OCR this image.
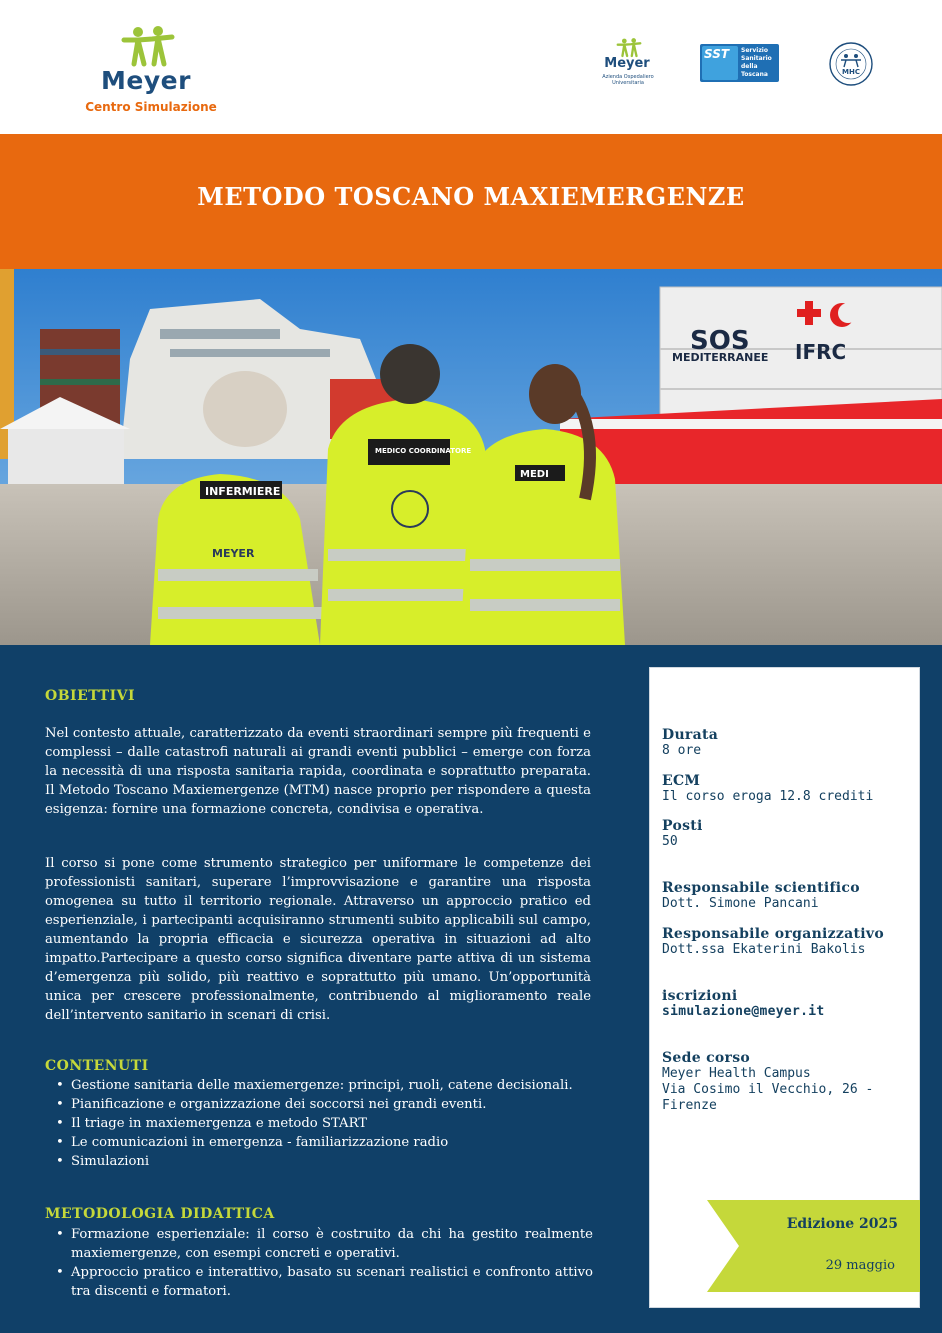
Meyer
Centro Simulazione
Meyer
Azienda Ospedaliero Universitaria
SST Servizio Sanitario della Toscana	MHC
METODO TOSCANO MAXIEMERGENZE
SOS
MEDITERRANEE IFRC
INFERMIERE
MEYER
MEDICO COORDINATORE
MEDI
OBIETTIVI

Nel contesto attuale, caratterizzato da eventi straordinari sempre più frequenti e complessi – dalle catastrofi naturali ai grandi eventi pubblici – emerge con forza la necessità di una risposta sanitaria rapida, coordinata e soprattutto preparata. Il Metodo Toscano Maxiemergenze (MTM) nasce proprio per rispondere a questa esigenza: fornire una formazione concreta, condivisa e operativa.

Il corso si pone come strumento strategico per uniformare le competenze dei professionisti sanitari, superare l’improvvisazione e garantire una risposta omogenea su tutto il territorio regionale. Attraverso un approccio pratico ed esperienziale, i partecipanti acquisiranno strumenti subito applicabili sul campo, aumentando la propria efficacia e sicurezza operativa in situazioni ad alto impatto.Partecipare a questo corso significa diventare parte attiva di un sistema d’emergenza più solido, più reattivo e soprattutto più umano. Un’opportunità unica per crescere professionalmente, contribuendo al miglioramento reale dell’intervento sanitario in scenari di crisi.

CONTENUTI
• Gestione sanitaria delle maxiemergenze: principi, ruoli, catene decisionali.
• Pianificazione e organizzazione dei soccorsi nei grandi eventi.
• Il triage in maxiemergenza e metodo START
• Le comunicazioni in emergenza - familiarizzazione radio
• Simulazioni
METODOLOGIA DIDATTICA
• Formazione esperienziale: il corso è costruito da chi ha gestito realmente maxiemergenze, con esempi concreti e operativi.
• Approccio pratico e interattivo, basato su scenari realistici e confronto attivo tra discenti e formatori.
Durata
8 ore
ECM
Il corso eroga 12.8 crediti
Posti
50
Responsabile scientifico
Dott. Simone Pancani
Responsabile organizzativo
Dott.ssa Ekaterini Bakolis
iscrizioni
simulazione@meyer.it
Sede corso
Meyer Health Campus
Via Cosimo il Vecchio, 26 -
Firenze
Edizione 2025
29 maggio
